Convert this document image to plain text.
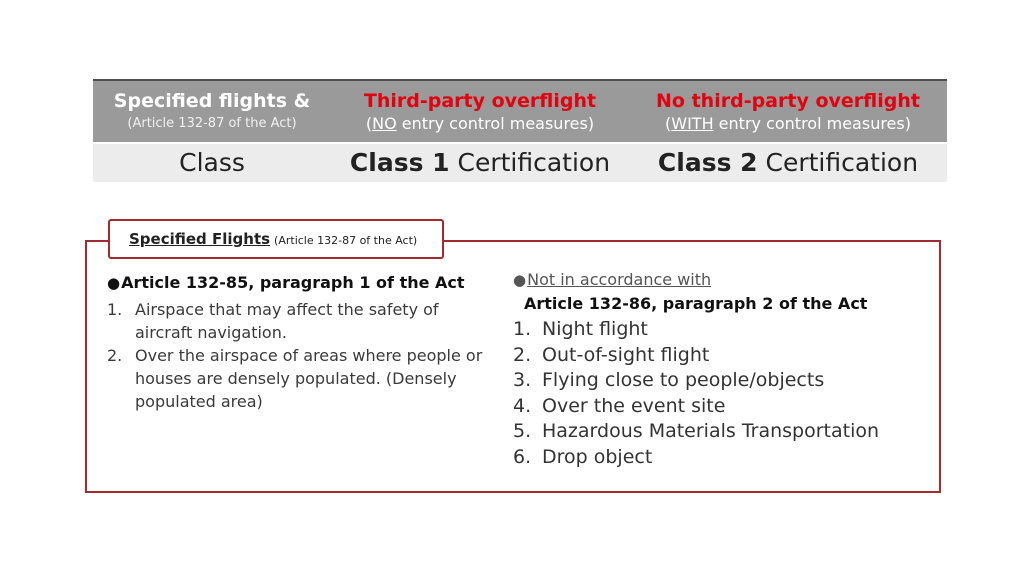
Specified flights &
(Article 132-87 of the Act)
Third-party overflight
(NO entry control measures)
No third-party overflight
(WITH entry control measures)
Class	Class 1 Certification	Class 2 Certification
Specified Flights (Article 132-87 of the Act)
●Article 132-85, paragraph 1 of the Act
1. Airspace that may affect the safety of aircraft navigation.
2. Over the airspace of areas where people or houses are densely populated. (Densely populated area)
●Not in accordance with
Article 132-86, paragraph 2 of the Act
1. Night flight
2. Out-of-sight flight
3. Flying close to people/objects
4. Over the event site
5. Hazardous Materials Transportation
6. Drop object
